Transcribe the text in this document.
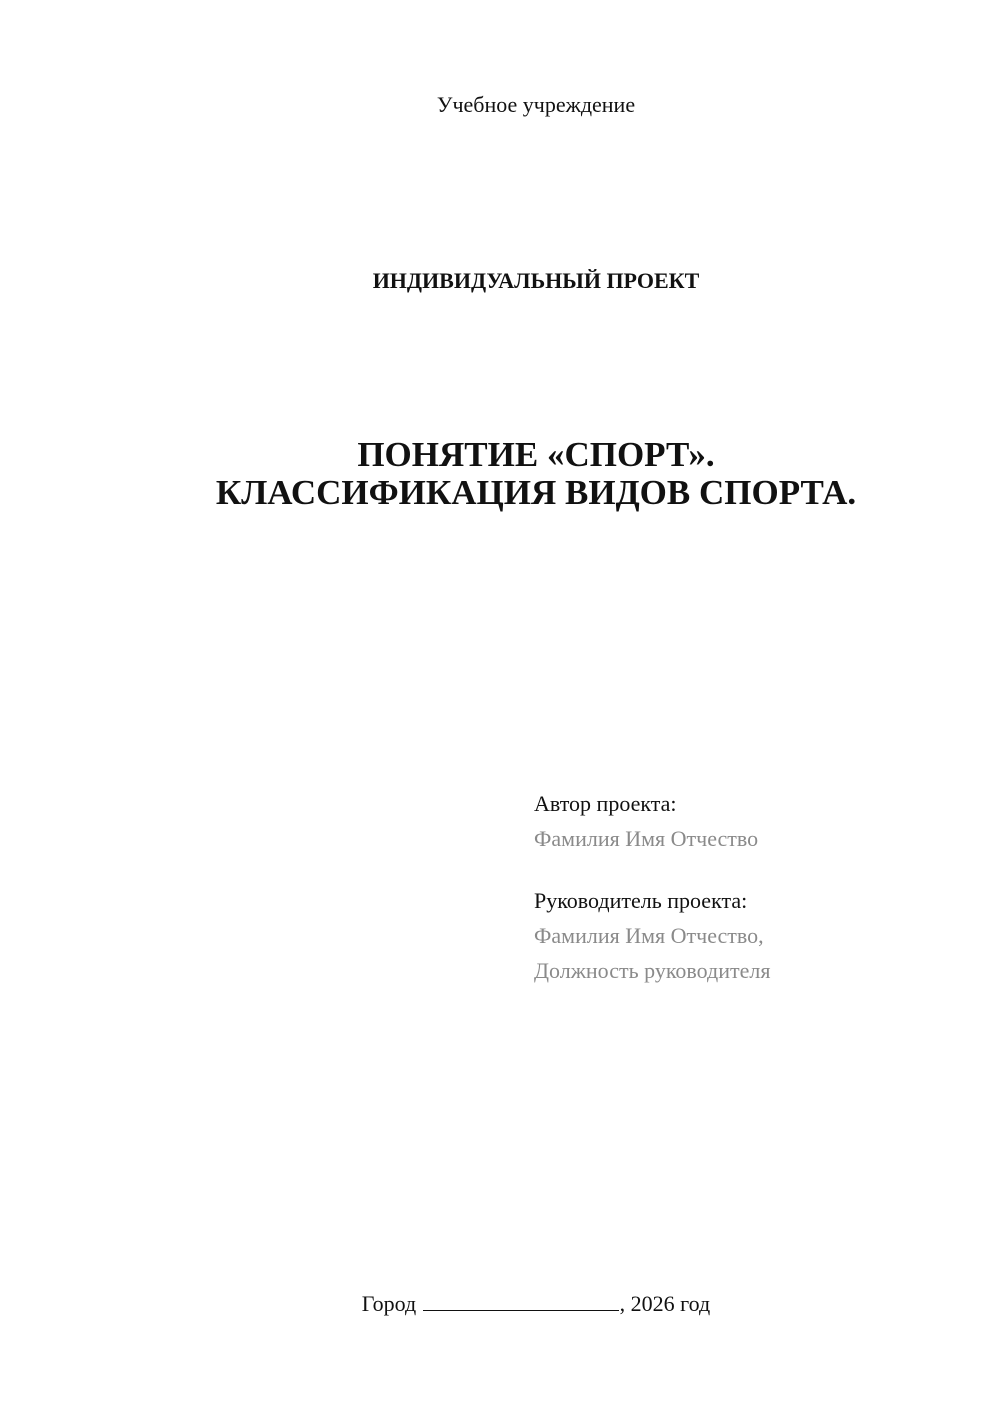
Учебное учреждение
ИНДИВИДУАЛЬНЫЙ ПРОЕКТ
ПОНЯТИЕ «СПОРТ».
КЛАССИФИКАЦИЯ ВИДОВ СПОРТА.
Автор проекта:
Фамилия Имя Отчество
Руководитель проекта:
Фамилия Имя Отчество,
Должность руководителя
Город	, 2026 год
